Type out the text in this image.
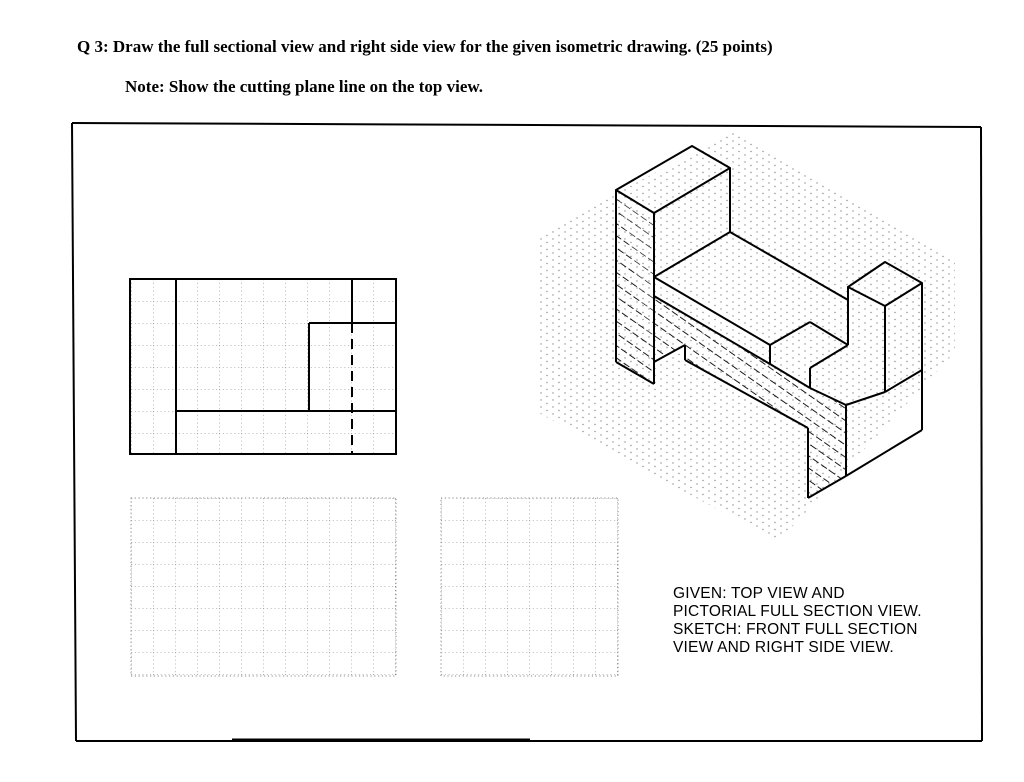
Q 3: Draw the full sectional view and right side view for the given isometric drawing. (25 points)
Note: Show the cutting plane line on the top view.
GIVEN: TOP VIEW AND
PICTORIAL FULL SECTION VIEW.
SKETCH: FRONT FULL SECTION
VIEW AND RIGHT SIDE VIEW.
